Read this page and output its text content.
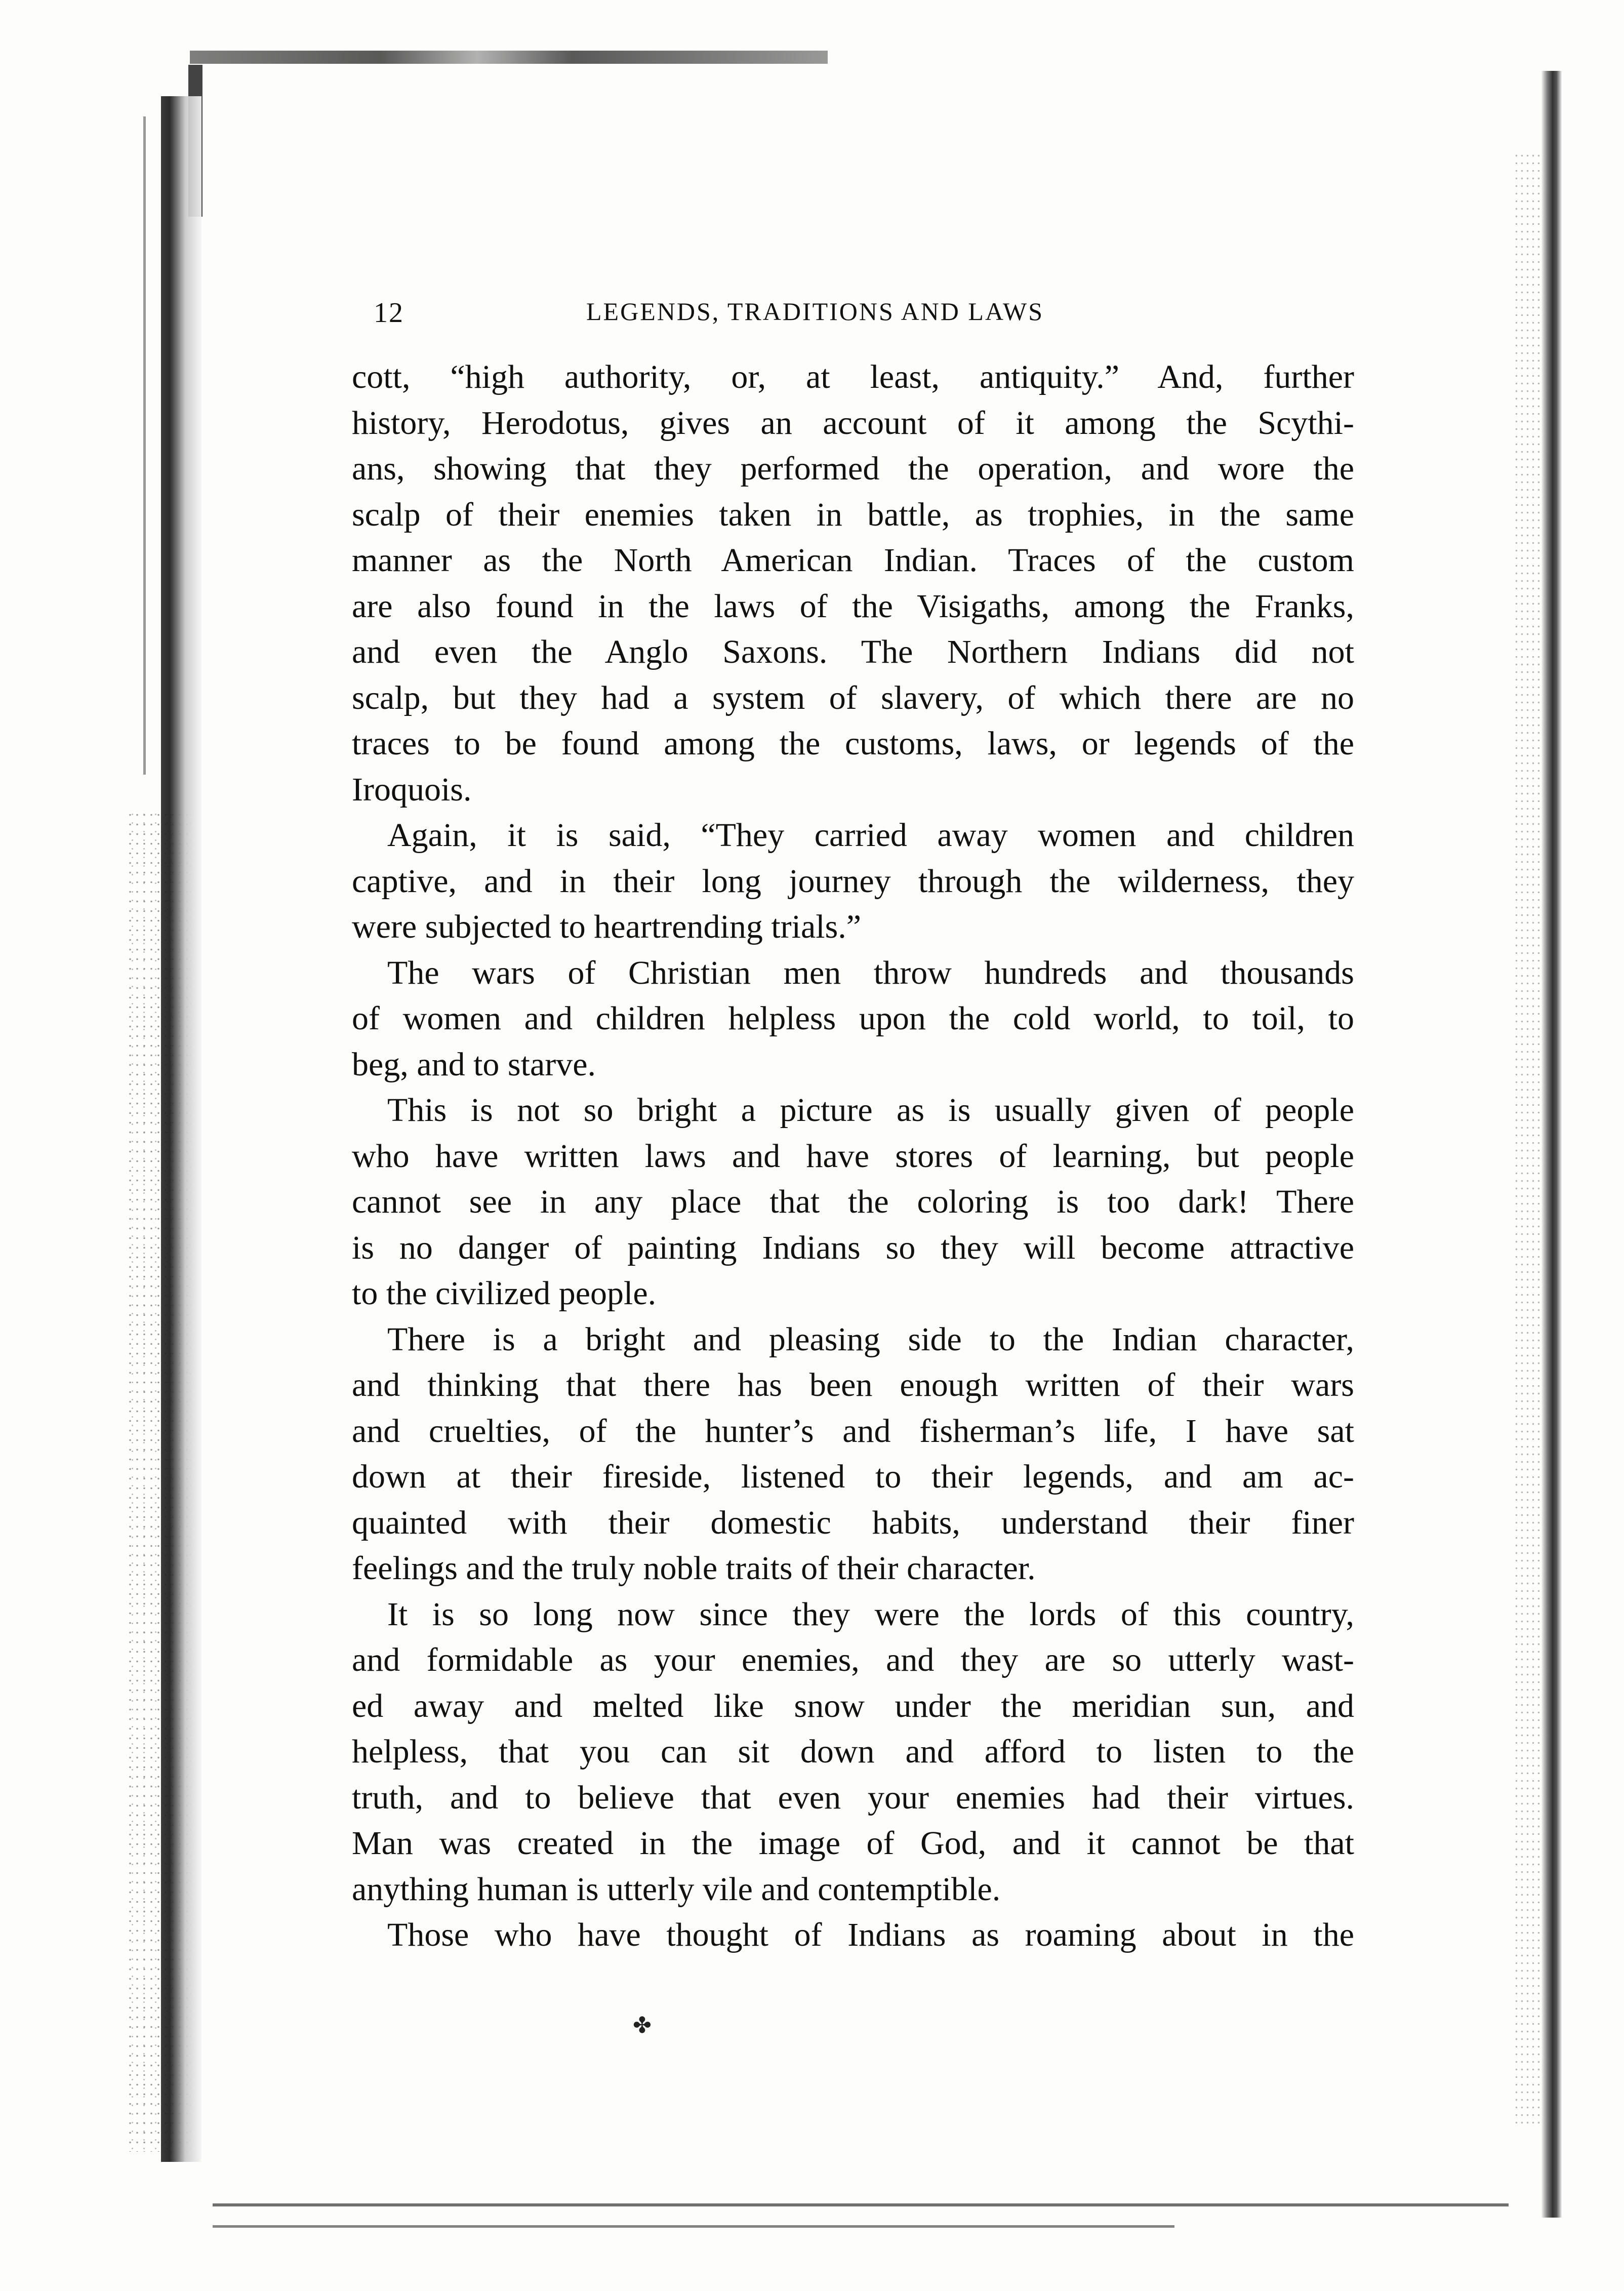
✤
12	LEGENDS, TRADITIONS AND LAWS
cott, “high authority, or, at least, antiquity.” And, further
history, Herodotus, gives an account of it among the Scythi-
ans, showing that they performed the operation, and wore the
scalp of their enemies taken in battle, as trophies, in the same
manner as the North American Indian. Traces of the custom
are also found in the laws of the Visigaths, among the Franks,
and even the Anglo Saxons. The Northern Indians did not
scalp, but they had a system of slavery, of which there are no
traces to be found among the customs, laws, or legends of the
Iroquois.
Again, it is said, “They carried away women and children
captive, and in their long journey through the wilderness, they
were subjected to heartrending trials.”
The wars of Christian men throw hundreds and thousands
of women and children helpless upon the cold world, to toil, to
beg, and to starve.
This is not so bright a picture as is usually given of people
who have written laws and have stores of learning, but people
cannot see in any place that the coloring is too dark! There
is no danger of painting Indians so they will become attractive
to the civilized people.
There is a bright and pleasing side to the Indian character,
and thinking that there has been enough written of their wars
and cruelties, of the hunter’s and fisherman’s life, I have sat
down at their fireside, listened to their legends, and am ac-
quainted with their domestic habits, understand their finer
feelings and the truly noble traits of their character.
It is so long now since they were the lords of this country,
and formidable as your enemies, and they are so utterly wast-
ed away and melted like snow under the meridian sun, and
helpless, that you can sit down and afford to listen to the
truth, and to believe that even your enemies had their virtues.
Man was created in the image of God, and it cannot be that
anything human is utterly vile and contemptible.
Those who have thought of Indians as roaming about in the
